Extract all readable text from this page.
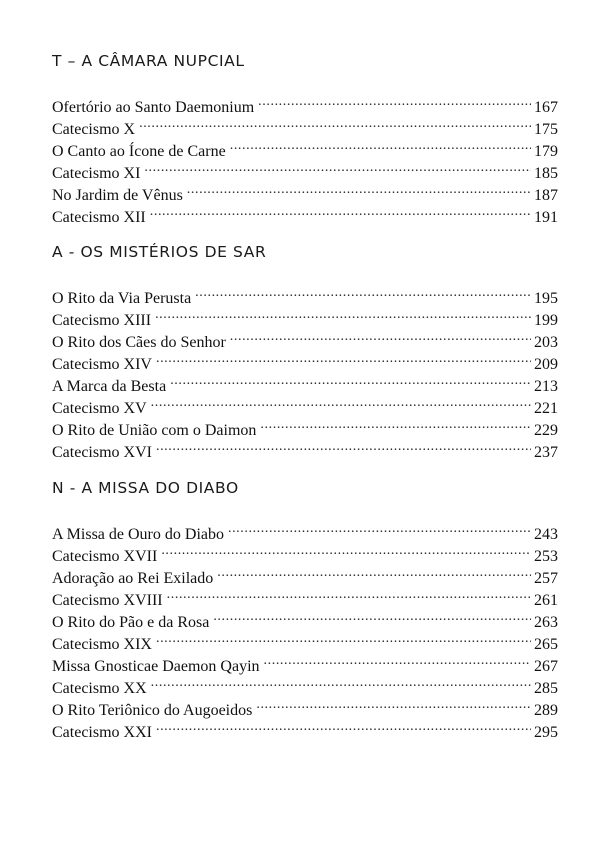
T – A CÂMARA NUPCIAL
Ofertório ao Santo Daemonium .....	167
Catecismo X .....	175
O Canto ao Ícone de Carne .....	179
Catecismo XI .....	185
No Jardim de Vênus .....	187
Catecismo XII .....	191
A - OS MISTÉRIOS DE SAR
O Rito da Via Perusta .....	195
Catecismo XIII .....	199
O Rito dos Cães do Senhor .....	203
Catecismo XIV .....	209
A Marca da Besta .....	213
Catecismo XV .....	221
O Rito de União com o Daimon .....	229
Catecismo XVI .....	237
N - A MISSA DO DIABO
A Missa de Ouro do Diabo .....	243
Catecismo XVII .....	253
Adoração ao Rei Exilado .....	257
Catecismo XVIII .....	261
O Rito do Pão e da Rosa .....	263
Catecismo XIX .....	265
Missa Gnosticae Daemon Qayin .....	267
Catecismo XX .....	285
O Rito Teriônico do Augoeidos .....	289
Catecismo XXI .....	295
